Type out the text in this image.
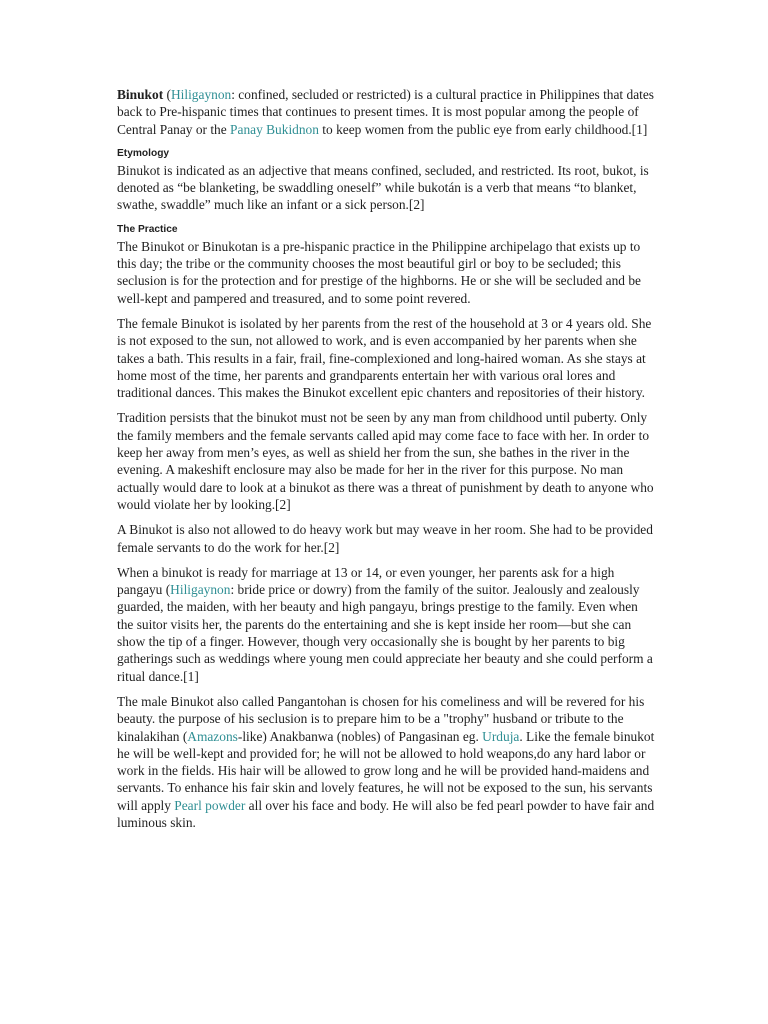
Binukot (Hiligaynon: confined, secluded or restricted) is a cultural practice in Philippines that dates back to Pre-hispanic times that continues to present times. It is most popular among the people of Central Panay or the Panay Bukidnon to keep women from the public eye from early childhood.[1]

Etymology

Binukot is indicated as an adjective that means confined, secluded, and restricted. Its root, bukot, is denoted as “be blanketing, be swaddling oneself” while bukotán is a verb that means “to blanket, swathe, swaddle” much like an infant or a sick person.[2]

The Practice

The Binukot or Binukotan is a pre-hispanic practice in the Philippine archipelago that exists up to this day; the tribe or the community chooses the most beautiful girl or boy to be secluded; this seclusion is for the protection and for prestige of the highborns. He or she will be secluded and be well-kept and pampered and treasured, and to some point revered.

The female Binukot is isolated by her parents from the rest of the household at 3 or 4 years old. She is not exposed to the sun, not allowed to work, and is even accompanied by her parents when she takes a bath. This results in a fair, frail, fine-complexioned and long-haired woman. As she stays at home most of the time, her parents and grandparents entertain her with various oral lores and traditional dances. This makes the Binukot excellent epic chanters and repositories of their history.

Tradition persists that the binukot must not be seen by any man from childhood until puberty. Only the family members and the female servants called apid may come face to face with her. In order to keep her away from men’s eyes, as well as shield her from the sun, she bathes in the river in the evening. A makeshift enclosure may also be made for her in the river for this purpose. No man actually would dare to look at a binukot as there was a threat of punishment by death to anyone who would violate her by looking.[2]

A Binukot is also not allowed to do heavy work but may weave in her room. She had to be provided female servants to do the work for her.[2]

When a binukot is ready for marriage at 13 or 14, or even younger, her parents ask for a high pangayu (Hiligaynon: bride price or dowry) from the family of the suitor. Jealously and zealously guarded, the maiden, with her beauty and high pangayu, brings prestige to the family. Even when the suitor visits her, the parents do the entertaining and she is kept inside her room—but she can show the tip of a finger. However, though very occasionally she is bought by her parents to big gatherings such as weddings where young men could appreciate her beauty and she could perform a ritual dance.[1]

The male Binukot also called Pangantohan is chosen for his comeliness and will be revered for his beauty. the purpose of his seclusion is to prepare him to be a "trophy" husband or tribute to the kinalakihan (Amazons-like) Anakbanwa (nobles) of Pangasinan eg. Urduja. Like the female binukot he will be well-kept and provided for; he will not be allowed to hold weapons,do any hard labor or work in the fields. His hair will be allowed to grow long and he will be provided hand-maidens and servants. To enhance his fair skin and lovely features, he will not be exposed to the sun, his servants will apply Pearl powder all over his face and body. He will also be fed pearl powder to have fair and luminous skin.
